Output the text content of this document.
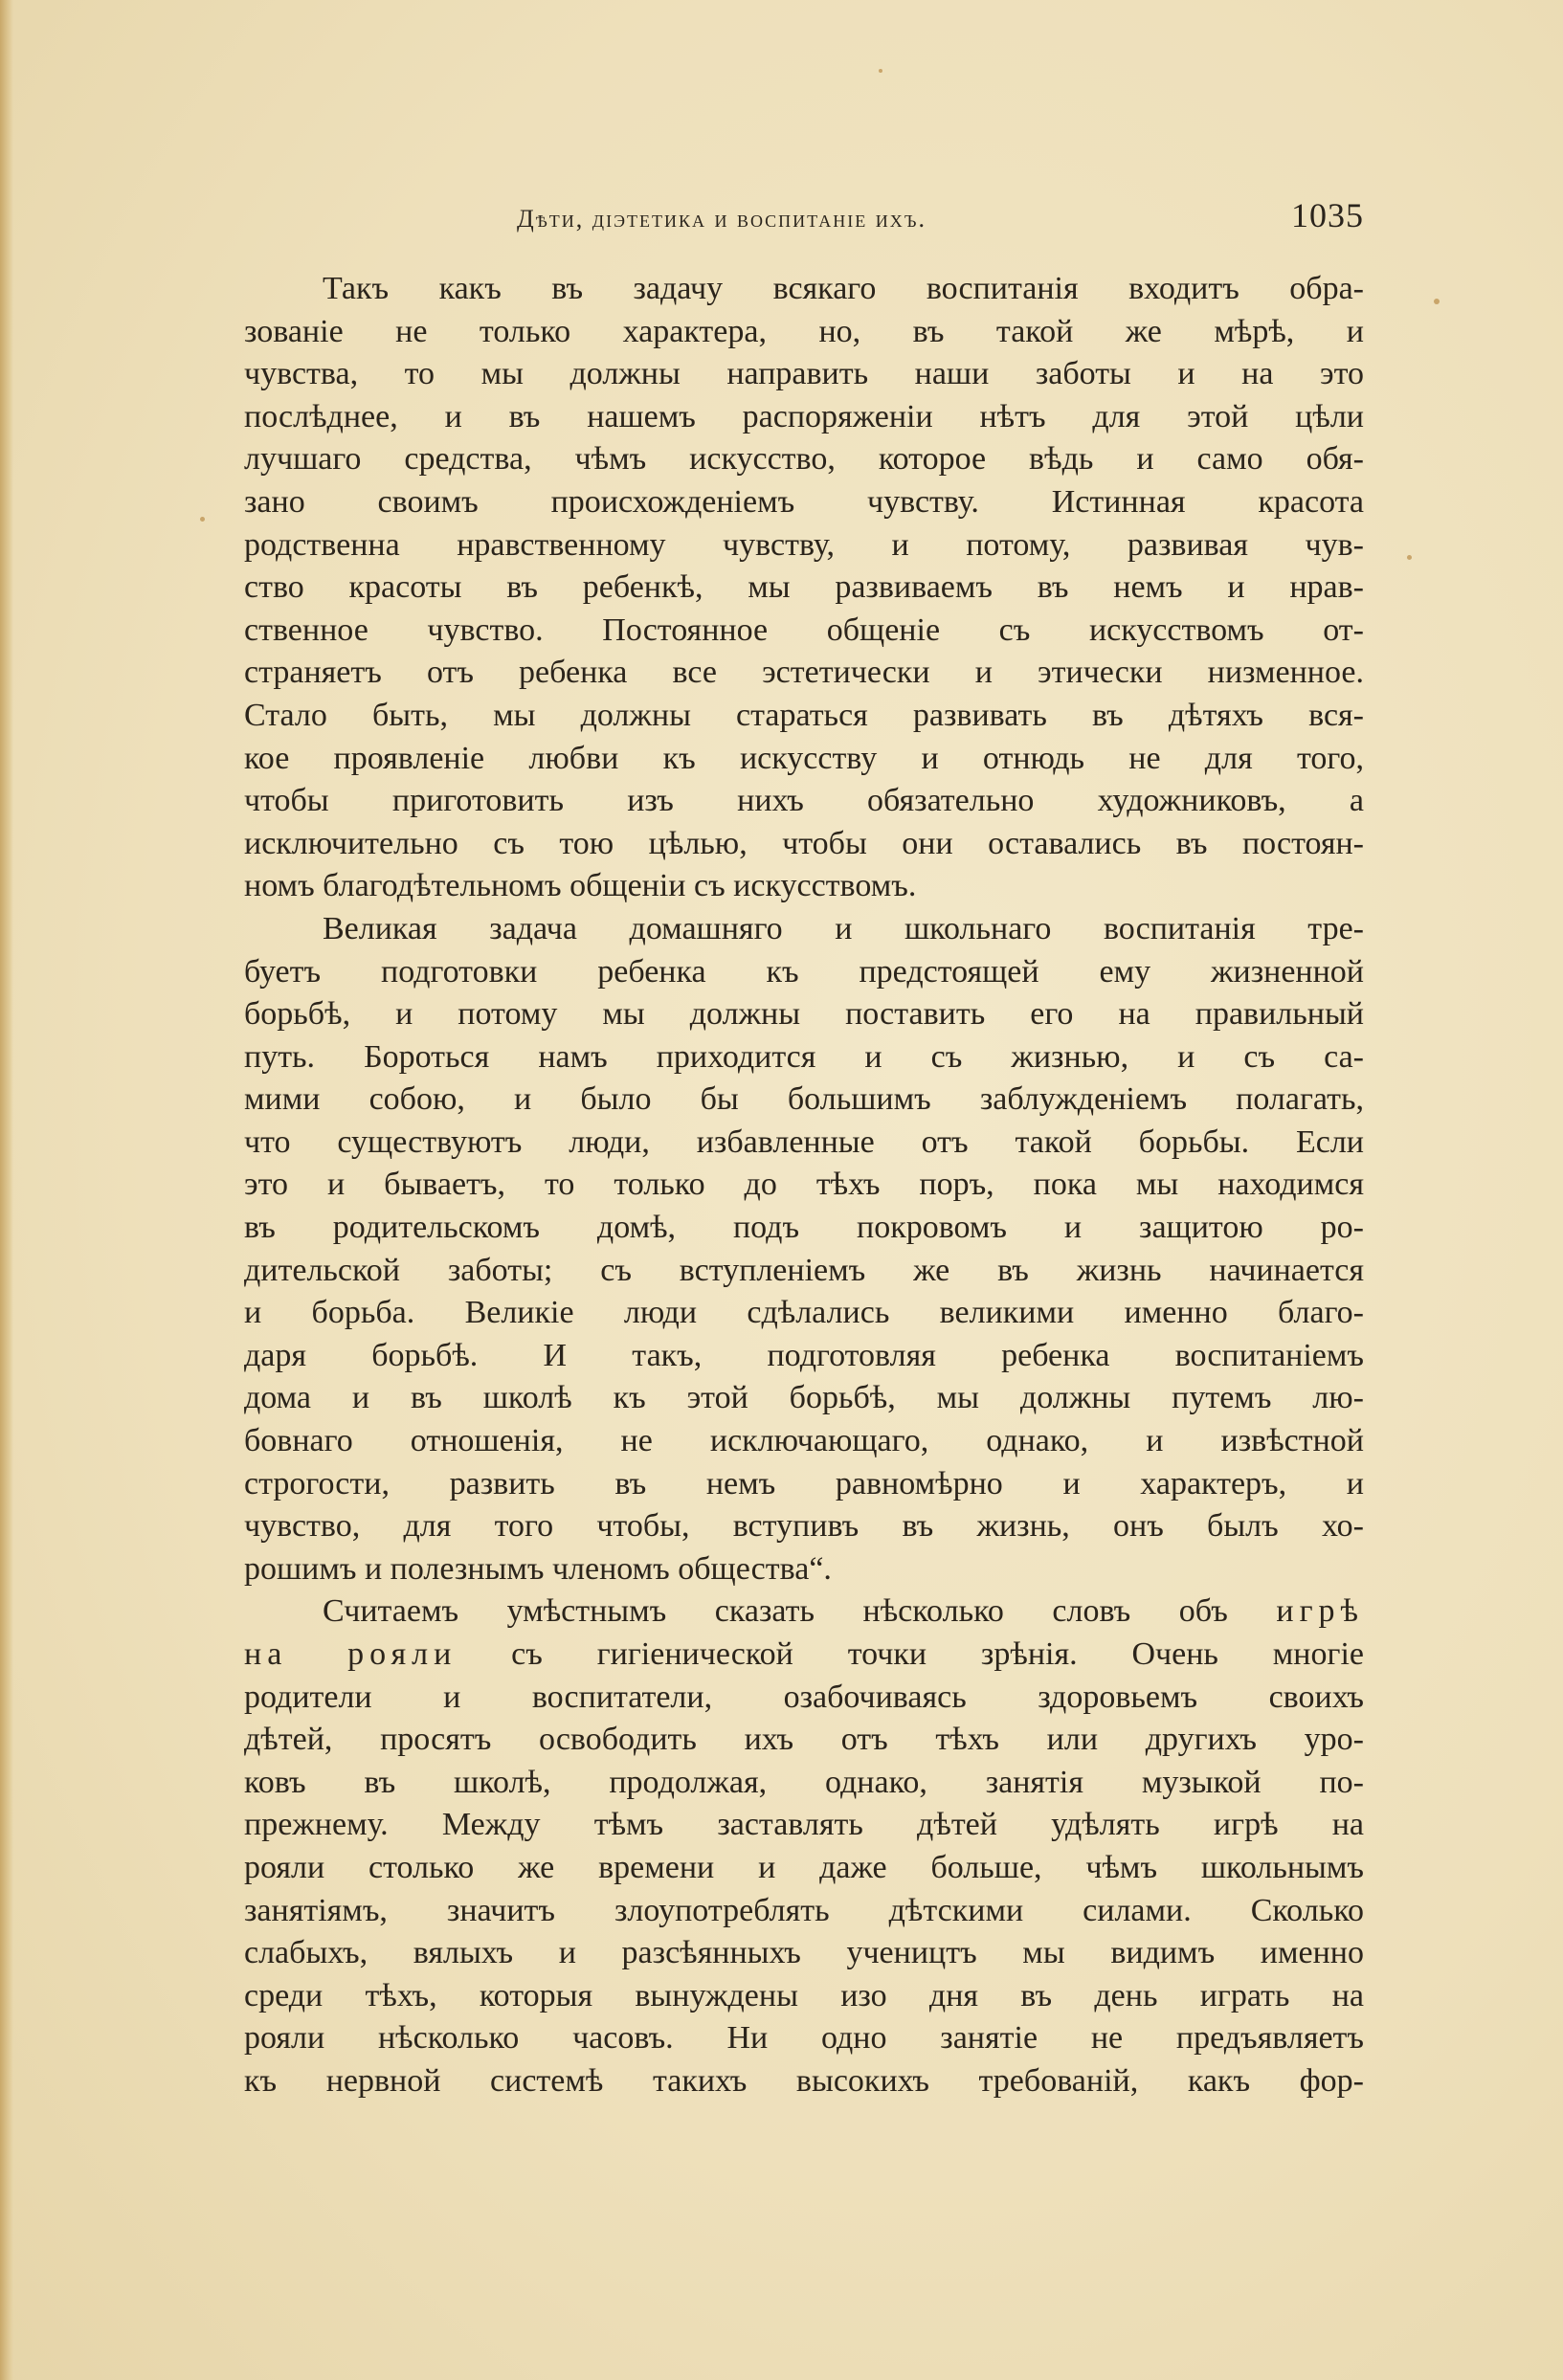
Дѣти, діэтетика и воспитаніе ихъ.	1035

Такъ какъ въ задачу всякаго воспитанія входитъ обра-
зованіе не только характера, но, въ такой же мѣрѣ, и
чувства, то мы должны направить наши заботы и на это
послѣднее, и въ нашемъ распоряженіи нѣтъ для этой цѣли
лучшаго средства, чѣмъ искусство, которое вѣдь и само обя-
зано своимъ происхожденіемъ чувству. Истинная красота
родственна нравственному чувству, и потому, развивая чув-
ство красоты въ ребенкѣ, мы развиваемъ въ немъ и нрав-
ственное чувство. Постоянное общеніе съ искусствомъ от-
страняетъ отъ ребенка все эстетически и этически низменное.
Стало быть, мы должны стараться развивать въ дѣтяхъ вся-
кое проявленіе любви къ искусству и отнюдь не для того,
чтобы приготовить изъ нихъ обязательно художниковъ, а
исключительно съ тою цѣлью, чтобы они оставались въ постоян-
номъ благодѣтельномъ общеніи съ искусствомъ.

Великая задача домашняго и школьнаго воспитанія тре-
буетъ подготовки ребенка къ предстоящей ему жизненной
борьбѣ, и потому мы должны поставить его на правильный
путь. Бороться намъ приходится и съ жизнью, и съ са-
мими собою, и было бы большимъ заблужденіемъ полагать,
что существуютъ люди, избавленные отъ такой борьбы. Если
это и бываетъ, то только до тѣхъ поръ, пока мы находимся
въ родительскомъ домѣ, подъ покровомъ и защитою ро-
дительской заботы; съ вступленіемъ же въ жизнь начинается
и борьба. Великіе люди сдѣлались великими именно благо-
даря борьбѣ. И такъ, подготовляя ребенка воспитаніемъ
дома и въ школѣ къ этой борьбѣ, мы должны путемъ лю-
бовнаго отношенія, не исключающаго, однако, и извѣстной
строгости, развить въ немъ равномѣрно и характеръ, и
чувство, для того чтобы, вступивъ въ жизнь, онъ былъ хо-
рошимъ и полезнымъ членомъ общества“.

Считаемъ умѣстнымъ сказать нѣсколько словъ объ игрѣ
на рояли съ гигіенической точки зрѣнія. Очень многіе
родители и воспитатели, озабочиваясь здоровьемъ своихъ
дѣтей, просятъ освободить ихъ отъ тѣхъ или другихъ уро-
ковъ въ школѣ, продолжая, однако, занятія музыкой по-
прежнему. Между тѣмъ заставлять дѣтей удѣлять игрѣ на
рояли столько же времени и даже больше, чѣмъ школьнымъ
занятіямъ, значитъ злоупотреблять дѣтскими силами. Сколько
слабыхъ, вялыхъ и разсѣянныхъ учеництъ мы видимъ именно
среди тѣхъ, которыя вынуждены изо дня въ день играть на
рояли нѣсколько часовъ. Ни одно занятіе не предъявляетъ
къ нервной системѣ такихъ высокихъ требованій, какъ фор-
